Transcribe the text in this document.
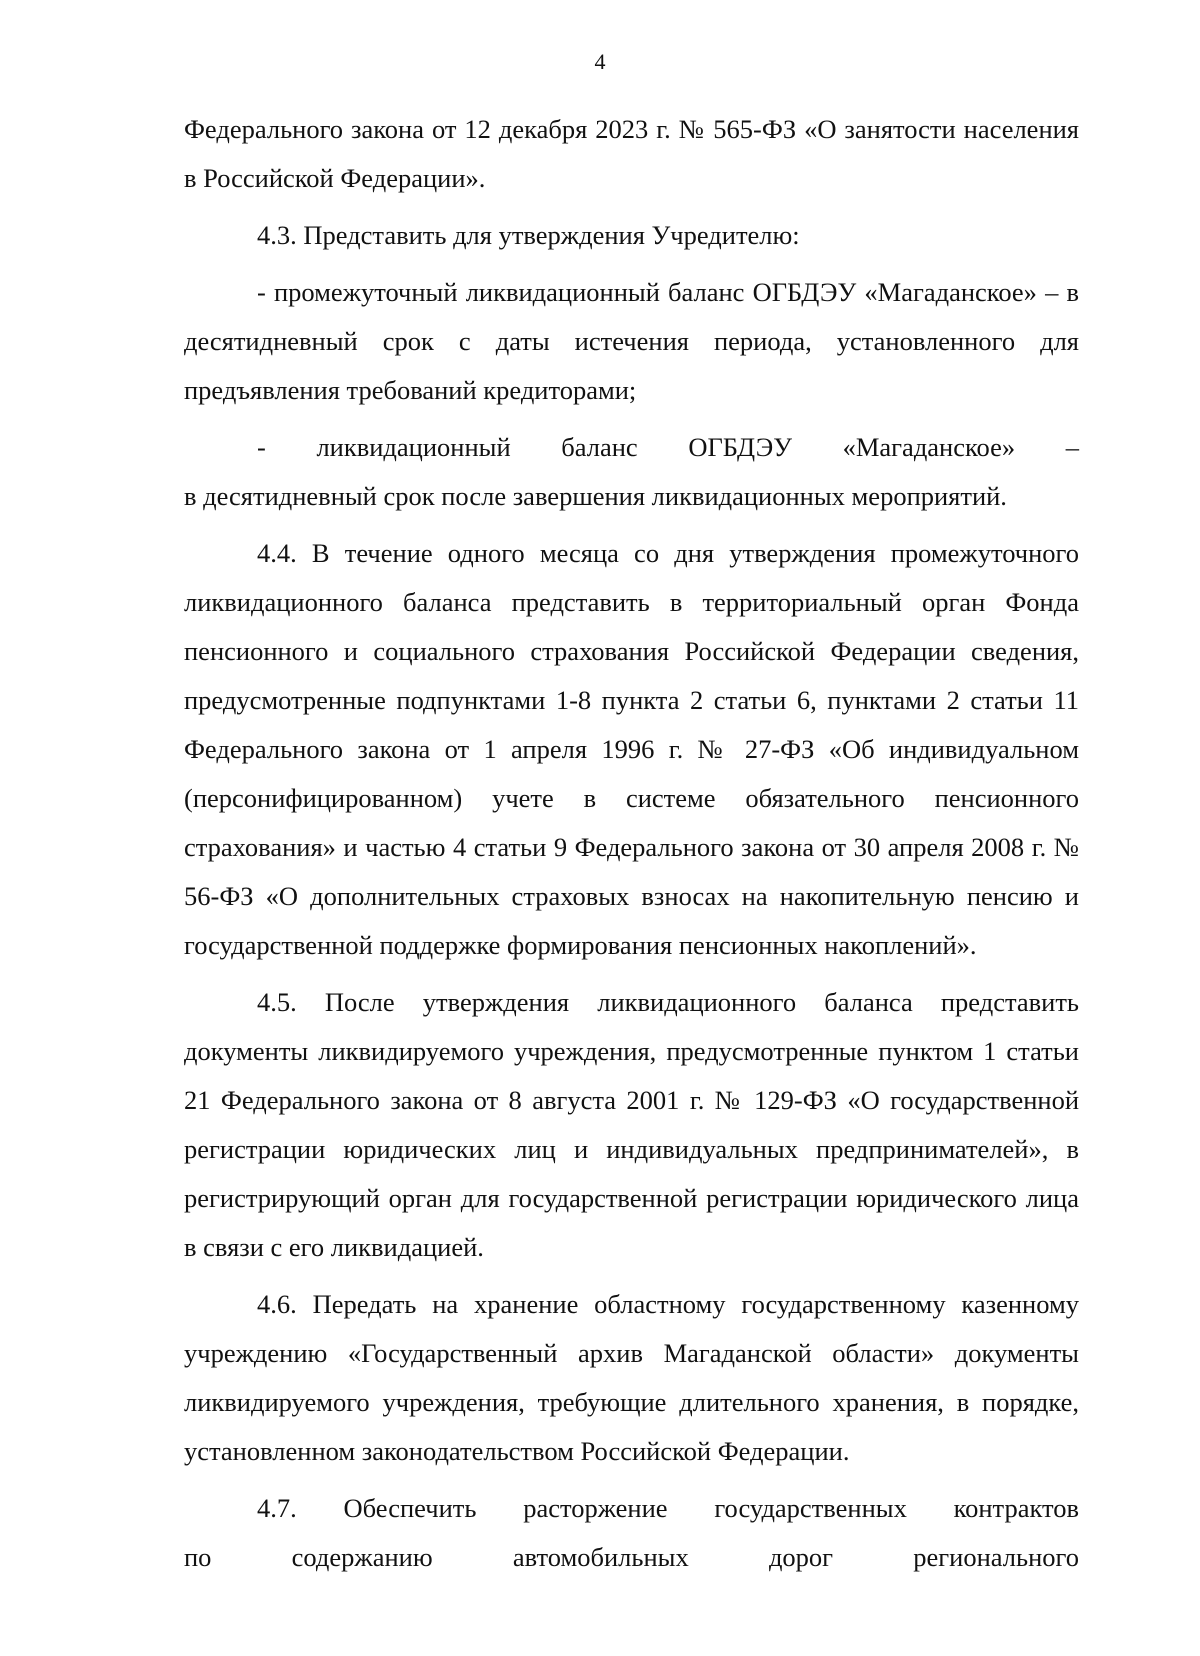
4

Федерального закона от 12 декабря 2023 г. № 565-ФЗ «О занятости населения в Российской Федерации».

4.3. Представить для утверждения Учредителю:

- промежуточный ликвидационный баланс ОГБДЭУ «Магаданское» – в десятидневный срок с даты истечения периода, установленного для предъявления требований кредиторами;

- ликвидационный баланс ОГБДЭУ «Магаданское» –

в десятидневный срок после завершения ликвидационных мероприятий.

4.4. В течение одного месяца со дня утверждения промежуточного ликвидационного баланса представить в территориальный орган Фонда пенсионного и социального страхования Российской Федерации сведения, предусмотренные подпунктами 1-8 пункта 2 статьи 6, пунктами 2 статьи 11 Федерального закона от 1 апреля 1996 г. № 27-ФЗ «Об индивидуальном (персонифицированном) учете в системе обязательного пенсионного страхования» и частью 4 статьи 9 Федерального закона от 30 апреля 2008 г. № 56-ФЗ «О дополнительных страховых взносах на накопительную пенсию и государственной поддержке формирования пенсионных накоплений».

4.5. После утверждения ликвидационного баланса представить документы ликвидируемого учреждения, предусмотренные пунктом 1 статьи 21 Федерального закона от 8 августа 2001 г. № 129-ФЗ «О государственной регистрации юридических лиц и индивидуальных предпринимателей», в регистрирующий орган для государственной регистрации юридического лица в связи с его ликвидацией.

4.6. Передать на хранение областному государственному казенному учреждению «Государственный архив Магаданской области» документы ликвидируемого учреждения, требующие длительного хранения, в порядке, установленном законодательством Российской Федерации.

4.7. Обеспечить расторжение государственных контрактов
по	содержанию	автомобильных	дорог	регионального
